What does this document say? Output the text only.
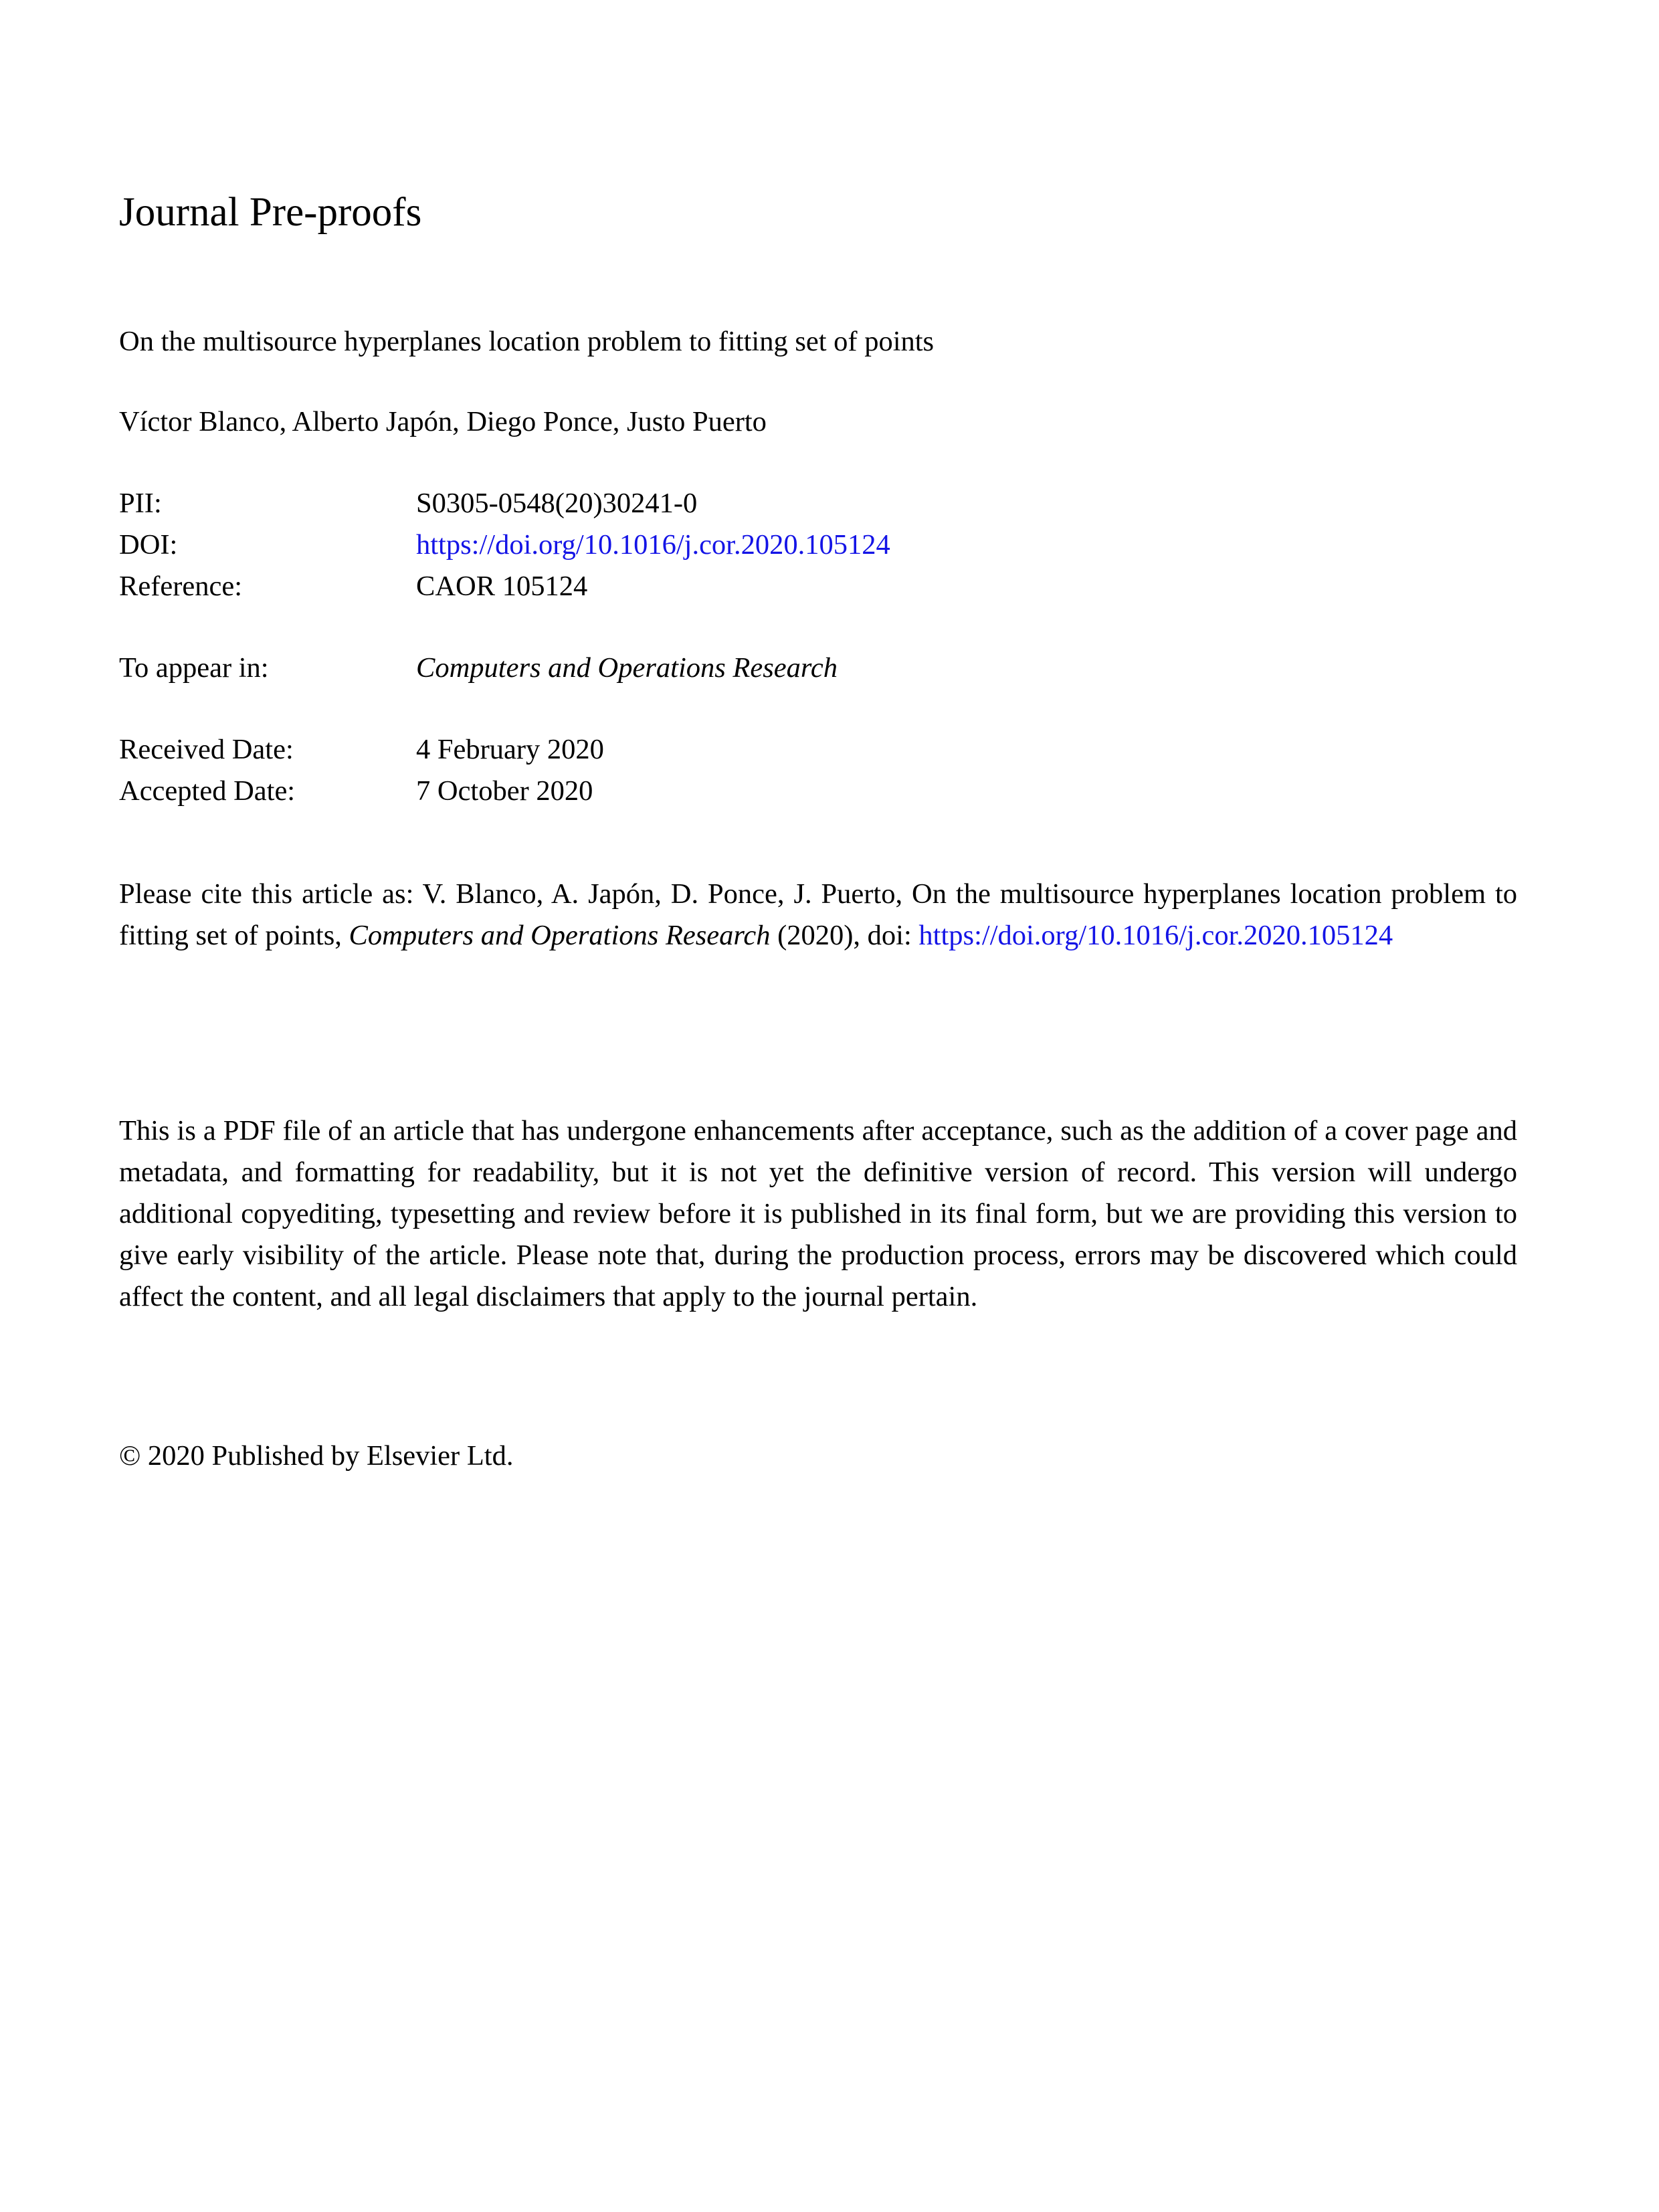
Journal Pre-proofs
On the multisource hyperplanes location problem to fitting set of points
Víctor Blanco, Alberto Japón, Diego Ponce, Justo Puerto
PII:	S0305-0548(20)30241-0
DOI:	https://doi.org/10.1016/j.cor.2020.105124
Reference:	CAOR 105124
To appear in:	Computers and Operations Research
Received Date:	4 February 2020
Accepted Date:	7 October 2020

Please cite this article as: V. Blanco, A. Japón, D. Ponce, J. Puerto, On the multisource hyperplanes location problem to fitting set of points, Computers and Operations Research (2020), doi: https://doi.org/10.1016/j.cor.2020.105124

This is a PDF file of an article that has undergone enhancements after acceptance, such as the addition of a cover page and metadata, and formatting for readability, but it is not yet the definitive version of record. This version will undergo additional copyediting, typesetting and review before it is published in its final form, but we are providing this version to give early visibility of the article. Please note that, during the production process, errors may be discovered which could affect the content, and all legal disclaimers that apply to the journal pertain.

© 2020 Published by Elsevier Ltd.
